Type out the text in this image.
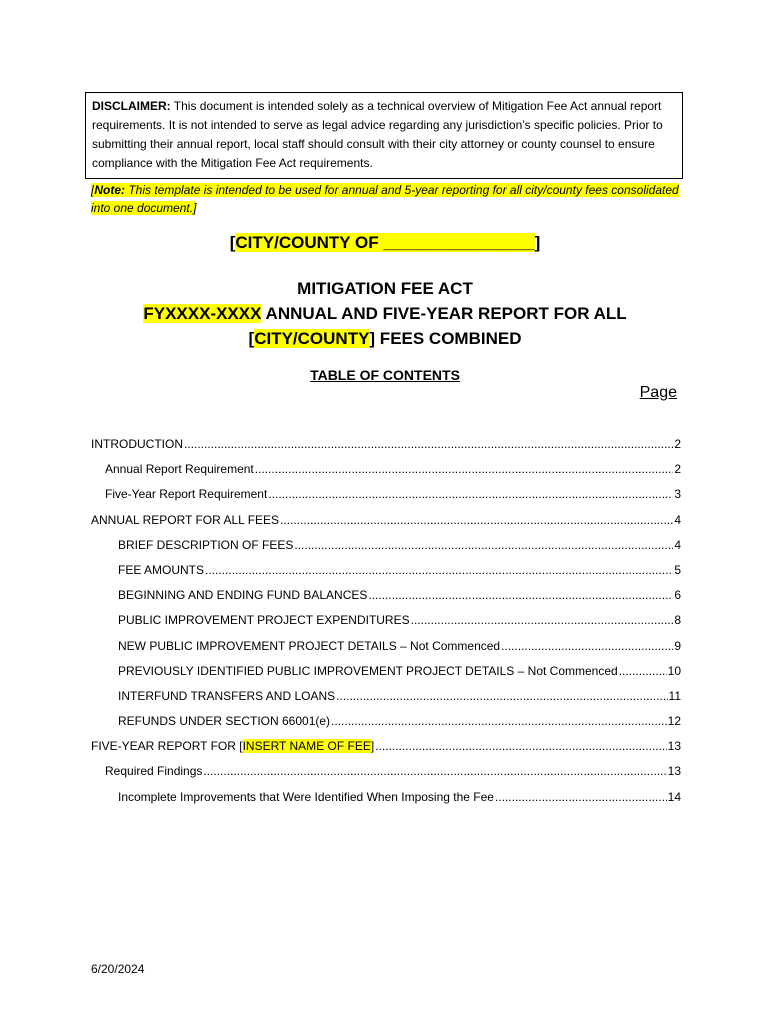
DISCLAIMER: This document is intended solely as a technical overview of Mitigation Fee Act annual report requirements. It is not intended to serve as legal advice regarding any jurisdiction’s specific policies. Prior to submitting their annual report, local staff should consult with their city attorney or county counsel to ensure compliance with the Mitigation Fee Act requirements.
[Note: This template is intended to be used for annual and 5-year reporting for all city/county fees consolidated into one document.]
[CITY/COUNTY OF ________________]
MITIGATION FEE ACT
FYXXXX-XXXX ANNUAL AND FIVE-YEAR REPORT FOR ALL
[CITY/COUNTY] FEES COMBINED
TABLE OF CONTENTS
Page
INTRODUCTION .....	2
Annual Report Requirement .....	2
Five-Year Report Requirement .....	3
ANNUAL REPORT FOR ALL FEES .....	4
BRIEF DESCRIPTION OF FEES .....	4
FEE AMOUNTS .....	5
BEGINNING AND ENDING FUND BALANCES .....	6
PUBLIC IMPROVEMENT PROJECT EXPENDITURES .....	8
NEW PUBLIC IMPROVEMENT PROJECT DETAILS – Not Commenced .....	9
PREVIOUSLY IDENTIFIED PUBLIC IMPROVEMENT PROJECT DETAILS – Not Commenced .....	10
INTERFUND TRANSFERS AND LOANS .....	11
REFUNDS UNDER SECTION 66001(e) .....	12
FIVE-YEAR REPORT FOR [INSERT NAME OF FEE] .....	13
Required Findings .....	13
Incomplete Improvements that Were Identified When Imposing the Fee .....	14
6/20/2024
